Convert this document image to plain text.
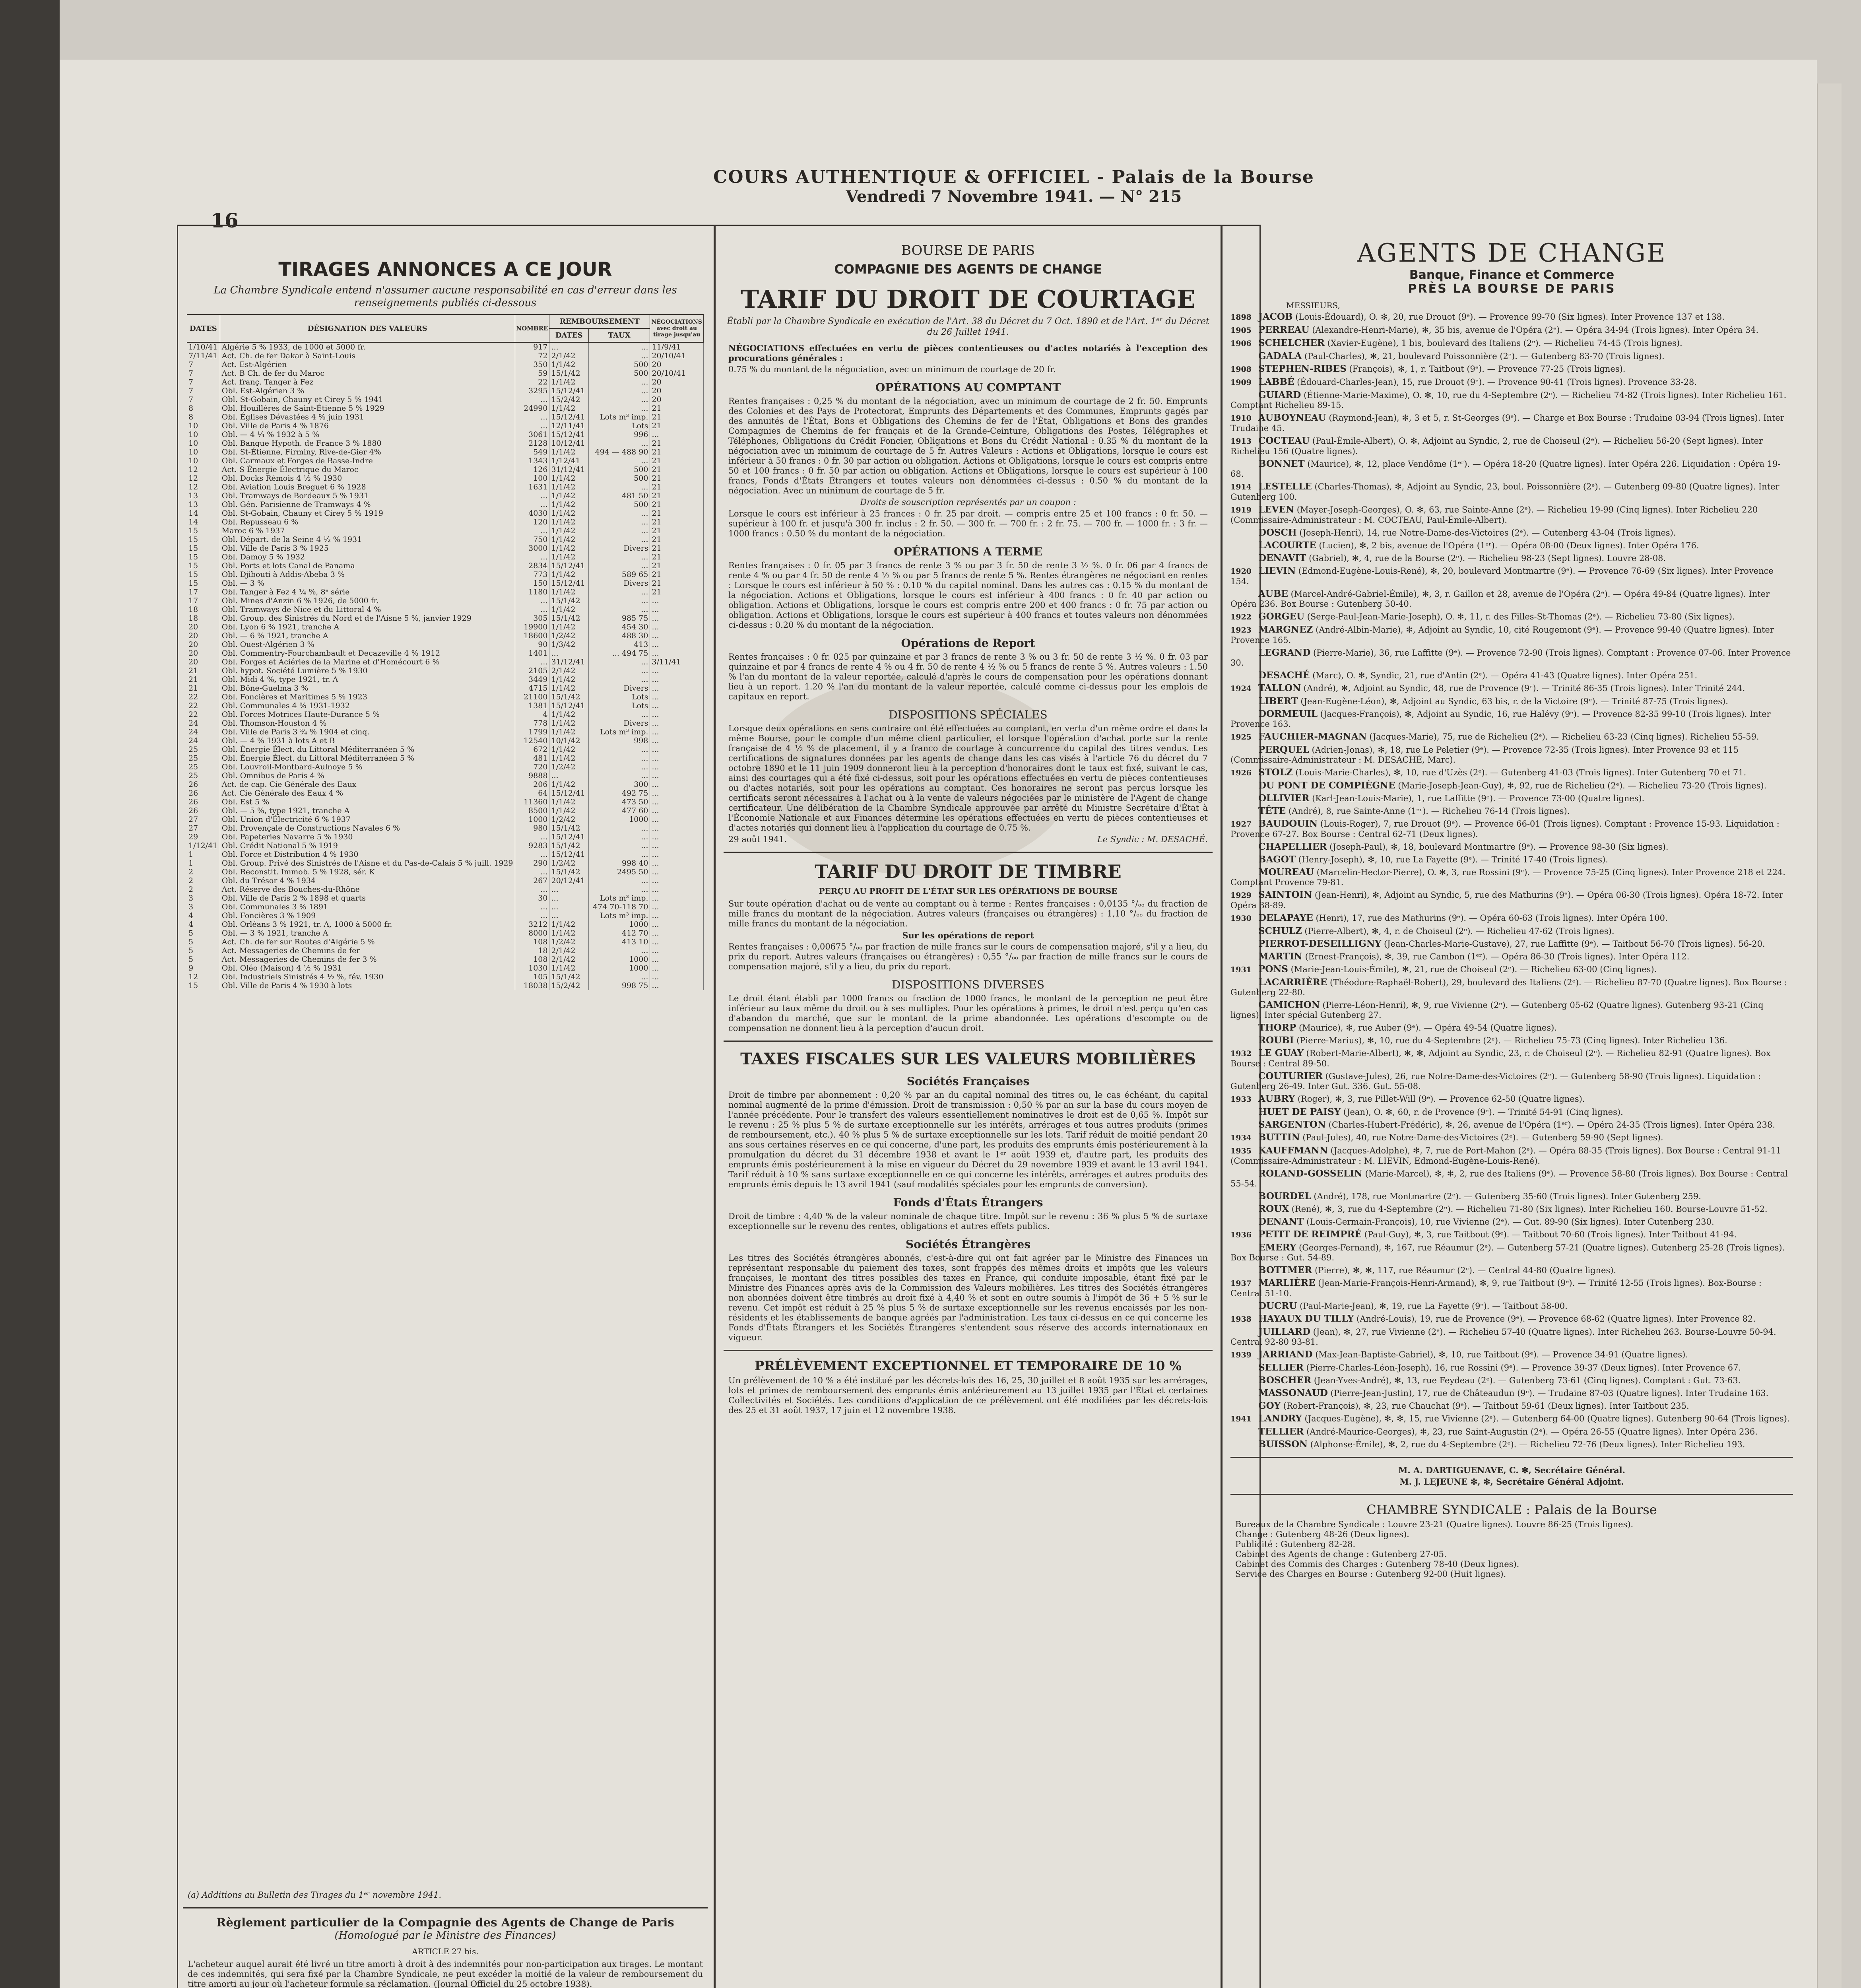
16
COURS AUTHENTIQUE & OFFICIEL - Palais de la Bourse
Vendredi 7 Novembre 1941. — N° 215
TIRAGES ANNONCES A CE JOUR
La Chambre Syndicale entend n'assumer aucune responsabilité en cas d'erreur dans les renseignements publiés ci-dessous
DATES	DÉSIGNATION DES VALEURS	NOMBRE	REMBOURSEMENT		NÉGOCIATIONS avec droit au tirage jusqu'au
			DATES	TAUX	
1/10/41	Algérie 5 % 1933, de 1000 et 5000 fr.	917	...	...	11/9/41
7/11/41	Act. Ch. de fer Dakar à Saint-Louis	72	2/1/42	...	20/10/41
7	Act. Est-Algérien	350	1/1/42	500	20
7	Act. B Ch. de fer du Maroc	59	15/1/42	500	20/10/41
7	Act. franç. Tanger à Fez	22	1/1/42	...	20
7	Obl. Est-Algérien 3 %	3295	15/12/41	...	20
7	Obl. St-Gobain, Chauny et Cirey 5 % 1941	...	15/2/42	...	20
8	Obl. Houillères de Saint-Étienne 5 % 1929	24990	1/1/42	...	21
8	Obl. Églises Dévastées 4 % juin 1931	...	15/12/41	Lots m³ imp.	21
10	Obl. Ville de Paris 4 % 1876	...	12/11/41	Lots	21
10	Obl. — 4 ¼ % 1932 à 5 %	3061	15/12/41	996	...
10	Obl. Banque Hypoth. de France 3 % 1880	2128	10/12/41	...	21
10	Obl. St-Étienne, Firminy, Rive-de-Gier 4%	549	1/1/42	494 — 488 90	21
10	Obl. Carmaux et Forges de Basse-Indre	1343	1/12/41	...	21
12	Act. S Énergie Électrique du Maroc	126	31/12/41	500	21
12	Obl. Docks Rémois 4 ½ % 1930	100	1/1/42	500	21
12	Obl. Aviation Louis Breguet 6 % 1928	1631	1/1/42	...	21
13	Obl. Tramways de Bordeaux 5 % 1931	...	1/1/42	481 50	21
13	Obl. Gén. Parisienne de Tramways 4 %	...	1/1/42	500	21
14	Obl. St-Gobain, Chauny et Cirey 5 % 1919	4030	1/1/42	...	21
14	Obl. Repusseau 6 %	120	1/1/42	...	21
15	Maroc 6 % 1937	...	1/1/42	...	21
15	Obl. Départ. de la Seine 4 ½ % 1931	750	1/1/42	...	21
15	Obl. Ville de Paris 3 % 1925	3000	1/1/42	Divers	21
15	Obl. Damoy 5 % 1932	...	1/1/42	...	21
15	Obl. Ports et lots Canal de Panama	2834	15/12/41	...	21
15	Obl. Djibouti à Addis-Abeba 3 %	773	1/1/42	589 65	21
15	Obl. — 3 %	150	15/12/41	Divers	21
17	Obl. Tanger à Fez 4 ¼ %, 8ᵉ série	1180	1/1/42	...	21
17	Obl. Mines d'Anzin 6 % 1926, de 5000 fr.	...	15/1/42	...	...
18	Obl. Tramways de Nice et du Littoral 4 %	...	1/1/42	...	...
18	Obl. Group. des Sinistrés du Nord et de l'Aisne 5 %, janvier 1929	305	15/1/42	985 75	...
20	Obl. Lyon 6 % 1921, tranche A	19900	1/1/42	454 30	...
20	Obl. — 6 % 1921, tranche A	18600	1/2/42	488 30	...
20	Obl. Ouest-Algérien 3 %	90	1/3/42	413	...
20	Obl. Commentry-Fourchambault et Decazeville 4 % 1912	1401	...	... 494 75	...
20	Obl. Forges et Aciéries de la Marine et d'Homécourt 6 %	...	31/12/41	...	3/11/41
21	Obl. hypot. Société Lumière 5 % 1930	2105	2/1/42	...	...
21	Obl. Midi 4 %, type 1921, tr. A	3449	1/1/42	...	...
21	Obl. Bône-Guelma 3 %	4715	1/1/42	Divers	...
22	Obl. Foncières et Maritimes 5 % 1923	21100	15/1/42	Lots	...
22	Obl. Communales 4 % 1931-1932	1381	15/12/41	Lots	...
22	Obl. Forces Motrices Haute-Durance 5 %	4	1/1/42	...	...
24	Obl. Thomson-Houston 4 %	778	1/1/42	Divers	...
24	Obl. Ville de Paris 3 ¾ % 1904 et cinq.	1799	1/1/42	Lots m³ imp.	...
24	Obl. — 4 % 1931 à lots A et B	12540	10/1/42	998	...
25	Obl. Énergie Élect. du Littoral Méditerranéen 5 %	672	1/1/42	...	...
25	Obl. Énergie Élect. du Littoral Méditerranéen 5 %	481	1/1/42	...	...
25	Obl. Louvroil-Montbard-Aulnoye 5 %	720	1/2/42	...	...
25	Obl. Omnibus de Paris 4 %	9888	...	...	...
26	Act. de cap. Cie Générale des Eaux	206	1/1/42	300	...
26	Act. Cie Générale des Eaux 4 %	64	15/12/41	492 75	...
26	Obl. Est 5 %	11360	1/1/42	473 50	...
26	Obl. — 5 %, type 1921, tranche A	8500	1/1/42	477 60	...
27	Obl. Union d'Électricité 6 % 1937	1000	1/2/42	1000	...
27	Obl. Provençale de Constructions Navales 6 %	980	15/1/42	...	...
29	Obl. Papeteries Navarre 5 % 1930	...	15/12/41	...	...
1/12/41	Obl. Crédit National 5 % 1919	9283	15/1/42	...	...
1	Obl. Force et Distribution 4 % 1930	...	15/12/41	...	...
1	Obl. Group. Privé des Sinistrés de l'Aisne et du Pas-de-Calais 5 % juill. 1929	290	1/2/42	998 40	...
2	Obl. Reconstit. Immob. 5 % 1928, sér. K	...	15/1/42	2495 50	...
2	Obl. du Trésor 4 % 1934	267	20/12/41	...	...
2	Act. Réserve des Bouches-du-Rhône	...	...	...	...
3	Obl. Ville de Paris 2 % 1898 et quarts	30	...	Lots m³ imp.	...
3	Obl. Communales 3 % 1891	...	...	474 70-118 70	...
4	Obl. Foncières 3 % 1909	...	...	Lots m³ imp.	...
4	Obl. Orléans 3 % 1921, tr. A, 1000 à 5000 fr.	3212	1/1/42	1000	...
5	Obl. — 3 % 1921, tranche A	8000	1/1/42	412 70	...
5	Act. Ch. de fer sur Routes d'Algérie 5 %	108	1/2/42	413 10	...
5	Act. Messageries de Chemins de fer	18	2/1/42	...	...
5	Act. Messageries de Chemins de fer 3 %	108	2/1/42	1000	...
9	Obl. Oléo (Maison) 4 ½ % 1931	1030	1/1/42	1000	...
12	Obl. Industriels Sinistrés 4 ½ %, fév. 1930	105	15/1/42	...	...
15	Obl. Ville de Paris 4 % 1930 à lots	18038	15/2/42	998 75	...
(a) Additions au Bulletin des Tirages du 1ᵉʳ novembre 1941.
Règlement particulier de la Compagnie des Agents de Change de Paris
(Homologué par le Ministre des Finances)
ARTICLE 27 bis.
L'acheteur auquel aurait été livré un titre amorti à droit à des indemnités pour non-participation aux tirages. Le montant de ces indemnités, qui sera fixé par la Chambre Syndicale, ne peut excéder la moitié de la valeur de remboursement du titre amorti au jour où l'acheteur formule sa réclamation. (Journal Officiel du 25 octobre 1938).
BOURSE DE PARIS
COMPAGNIE DES AGENTS DE CHANGE
TARIF DU DROIT DE COURTAGE
Établi par la Chambre Syndicale en exécution de l'Art. 38 du Décret du 7 Oct. 1890 et de l'Art. 1ᵉʳ du Décret du 26 Juillet 1941.
NÉGOCIATIONS effectuées en vertu de pièces contentieuses ou d'actes notariés à l'exception des procurations générales :
0.75 % du montant de la négociation, avec un minimum de courtage de 20 fr.
OPÉRATIONS AU COMPTANT
Rentes françaises : 0,25 % du montant de la négociation, avec un minimum de courtage de 2 fr. 50. Emprunts des Colonies et des Pays de Protectorat, Emprunts des Départements et des Communes, Emprunts gagés par des annuités de l'État, Bons et Obligations des Chemins de fer de l'État, Obligations et Bons des grandes Compagnies de Chemins de fer français et de la Grande-Ceinture, Obligations des Postes, Télégraphes et Téléphones, Obligations du Crédit Foncier, Obligations et Bons du Crédit National : 0.35 % du montant de la négociation avec un minimum de courtage de 5 fr. Autres Valeurs : Actions et Obligations, lorsque le cours est inférieur à 50 francs : 0 fr. 30 par action ou obligation. Actions et Obligations, lorsque le cours est compris entre 50 et 100 francs : 0 fr. 50 par action ou obligation. Actions et Obligations, lorsque le cours est supérieur à 100 francs, Fonds d'États Étrangers et toutes valeurs non dénommées ci-dessus : 0.50 % du montant de la négociation. Avec un minimum de courtage de 5 fr.
Droits de souscription représentés par un coupon :
Lorsque le cours est inférieur à 25 frances : 0 fr. 25 par droit. — compris entre 25 et 100 francs : 0 fr. 50. — supérieur à 100 fr. et jusqu'à 300 fr. inclus : 2 fr. 50. — 300 fr. — 700 fr. : 2 fr. 75. — 700 fr. — 1000 fr. : 3 fr. — 1000 francs : 0.50 % du montant de la négociation.
OPÉRATIONS A TERME
Rentes françaises : 0 fr. 05 par 3 francs de rente 3 % ou par 3 fr. 50 de rente 3 ½ %. 0 fr. 06 par 4 francs de rente 4 % ou par 4 fr. 50 de rente 4 ½ % ou par 5 francs de rente 5 %. Rentes étrangères ne négociant en rentes : Lorsque le cours est inférieur à 50 % : 0.10 % du capital nominal. Dans les autres cas : 0.15 % du montant de la négociation. Actions et Obligations, lorsque le cours est inférieur à 400 francs : 0 fr. 40 par action ou obligation. Actions et Obligations, lorsque le cours est compris entre 200 et 400 francs : 0 fr. 75 par action ou obligation. Actions et Obligations, lorsque le cours est supérieur à 400 francs et toutes valeurs non dénommées ci-dessus : 0.20 % du montant de la négociation.
Opérations de Report
Rentes françaises : 0 fr. 025 par quinzaine et par 3 francs de rente 3 % ou 3 fr. 50 de rente 3 ½ %. 0 fr. 03 par quinzaine et par 4 francs de rente 4 % ou 4 fr. 50 de rente 4 ½ % ou 5 francs de rente 5 %. Autres valeurs : 1.50 % l'an du montant de la valeur reportée, calculé d'après le cours de compensation pour les opérations donnant lieu à un report. 1.20 % l'an du montant de la valeur reportée, calculé comme ci-dessus pour les emplois de capitaux en report.
DISPOSITIONS SPÉCIALES
Lorsque deux opérations en sens contraire ont été effectuées au comptant, en vertu d'un même ordre et dans la même Bourse, pour le compte d'un même client particulier, et lorsque l'opération d'achat porte sur la rente française de 4 ½ % de placement, il y a franco de courtage à concurrence du capital des titres vendus. Les certifications de signatures données par les agents de change dans les cas visés à l'article 76 du décret du 7 octobre 1890 et le 11 juin 1909 donneront lieu à la perception d'honoraires dont le taux est fixé, suivant le cas, ainsi des courtages qui a été fixé ci-dessus, soit pour les opérations effectuées en vertu de pièces contentieuses ou d'actes notariés, soit pour les opérations au comptant. Ces honoraires ne seront pas perçus lorsque les certificats seront nécessaires à l'achat ou à la vente de valeurs négociées par le ministère de l'Agent de change certificateur. Une délibération de la Chambre Syndicale approuvée par arrêté du Ministre Secrétaire d'État à l'Économie Nationale et aux Finances détermine les opérations effectuées en vertu de pièces contentieuses et d'actes notariés qui donnent lieu à l'application du courtage de 0.75 %.
29 août 1941.	Le Syndic : M. DESACHÉ.
TARIF DU DROIT DE TIMBRE
PERÇU AU PROFIT DE L'ÉTAT SUR LES OPÉRATIONS DE BOURSE
Sur toute opération d'achat ou de vente au comptant ou à terme : Rentes françaises : 0,0135 °/ₒₒ du fraction de mille francs du montant de la négociation. Autres valeurs (françaises ou étrangères) : 1,10 °/ₒₒ du fraction de mille francs du montant de la négociation.
Sur les opérations de report
Rentes françaises : 0,00675 °/ₒₒ par fraction de mille francs sur le cours de compensation majoré, s'il y a lieu, du prix du report. Autres valeurs (françaises ou étrangères) : 0,55 °/ₒₒ par fraction de mille francs sur le cours de compensation majoré, s'il y a lieu, du prix du report.
DISPOSITIONS DIVERSES
Le droit étant établi par 1000 francs ou fraction de 1000 francs, le montant de la perception ne peut être inférieur au taux même du droit ou à ses multiples. Pour les opérations à primes, le droit n'est perçu qu'en cas d'abandon du marché, que sur le montant de la prime abandonnée. Les opérations d'escompte ou de compensation ne donnent lieu à la perception d'aucun droit.
TAXES FISCALES SUR LES VALEURS MOBILIÈRES
Sociétés Françaises
Droit de timbre par abonnement : 0,20 % par an du capital nominal des titres ou, le cas échéant, du capital nominal augmenté de la prime d'émission. Droit de transmission : 0,50 % par an sur la base du cours moyen de l'année précédente. Pour le transfert des valeurs essentiellement nominatives le droit est de 0,65 %. Impôt sur le revenu : 25 % plus 5 % de surtaxe exceptionnelle sur les intérêts, arrérages et tous autres produits (primes de remboursement, etc.). 40 % plus 5 % de surtaxe exceptionnelle sur les lots. Tarif réduit de moitié pendant 20 ans sous certaines réserves en ce qui concerne, d'une part, les produits des emprunts émis postérieurement à la promulgation du décret du 31 décembre 1938 et avant le 1ᵉʳ août 1939 et, d'autre part, les produits des emprunts émis postérieurement à la mise en vigueur du Décret du 29 novembre 1939 et avant le 13 avril 1941. Tarif réduit à 10 % sans surtaxe exceptionnelle en ce qui concerne les intérêts, arrérages et autres produits des emprunts émis depuis le 13 avril 1941 (sauf modalités spéciales pour les emprunts de conversion).
Fonds d'États Étrangers
Droit de timbre : 4,40 % de la valeur nominale de chaque titre. Impôt sur le revenu : 36 % plus 5 % de surtaxe exceptionnelle sur le revenu des rentes, obligations et autres effets publics.
Sociétés Étrangères
Les titres des Sociétés étrangères abonnés, c'est-à-dire qui ont fait agréer par le Ministre des Finances un représentant responsable du paiement des taxes, sont frappés des mêmes droits et impôts que les valeurs françaises, le montant des titres possibles des taxes en France, qui conduite imposable, étant fixé par le Ministre des Finances après avis de la Commission des Valeurs mobilières. Les titres des Sociétés étrangères non abonnées doivent être timbrés au droit fixé à 4,40 % et sont en outre soumis à l'impôt de 36 + 5 % sur le revenu. Cet impôt est réduit à 25 % plus 5 % de surtaxe exceptionnelle sur les revenus encaissés par les non-résidents et les établissements de banque agréés par l'administration. Les taux ci-dessus en ce qui concerne les Fonds d'États Étrangers et les Sociétés Étrangères s'entendent sous réserve des accords internationaux en vigueur.
PRÉLÈVEMENT EXCEPTIONNEL ET TEMPORAIRE DE 10 %
Un prélèvement de 10 % a été institué par les décrets-lois des 16, 25, 30 juillet et 8 août 1935 sur les arrérages, lots et primes de remboursement des emprunts émis antérieurement au 13 juillet 1935 par l'État et certaines Collectivités et Sociétés. Les conditions d'application de ce prélèvement ont été modifiées par les décrets-lois des 25 et 31 août 1937, 17 juin et 12 novembre 1938.
AGENTS DE CHANGE
Banque, Finance et Commerce
PRÈS LA BOURSE DE PARIS
MESSIEURS,
1898 JACOB (Louis-Édouard), O. ✻, 20, rue Drouot (9ᵉ). — Provence 99-70 (Six lignes). Inter Provence 137 et 138.
1905 PERREAU (Alexandre-Henri-Marie), ✻, 35 bis, avenue de l'Opéra (2ᵉ). — Opéra 34-94 (Trois lignes). Inter Opéra 34.
1906 SCHELCHER (Xavier-Eugène), 1 bis, boulevard des Italiens (2ᵉ). — Richelieu 74-45 (Trois lignes).
GADALA (Paul-Charles), ✻, 21, boulevard Poissonnière (2ᵉ). — Gutenberg 83-70 (Trois lignes).
1908 STEPHEN-RIBES (François), ✻, 1, r. Taitbout (9ᵉ). — Provence 77-25 (Trois lignes).
1909 LABBÉ (Édouard-Charles-Jean), 15, rue Drouot (9ᵉ). — Provence 90-41 (Trois lignes). Provence 33-28.
GUIARD (Étienne-Marie-Maxime), O. ✻, 10, rue du 4-Septembre (2ᵉ). — Richelieu 74-82 (Trois lignes). Inter Richelieu 161. Comptant Richelieu 89-15.
1910 AUBOYNEAU (Raymond-Jean), ✻, 3 et 5, r. St-Georges (9ᵉ). — Charge et Box Bourse : Trudaine 03-94 (Trois lignes). Inter Trudaine 45.
1913 COCTEAU (Paul-Émile-Albert), O. ✻, Adjoint au Syndic, 2, rue de Choiseul (2ᵉ). — Richelieu 56-20 (Sept lignes). Inter Richelieu 156 (Quatre lignes).
BONNET (Maurice), ✻, 12, place Vendôme (1ᵉʳ). — Opéra 18-20 (Quatre lignes). Inter Opéra 226. Liquidation : Opéra 19-68.
1914 LESTELLE (Charles-Thomas), ✻, Adjoint au Syndic, 23, boul. Poissonnière (2ᵉ). — Gutenberg 09-80 (Quatre lignes). Inter Gutenberg 100.
1919 LEVEN (Mayer-Joseph-Georges), O. ✻, 63, rue Sainte-Anne (2ᵉ). — Richelieu 19-99 (Cinq lignes). Inter Richelieu 220 (Commissaire-Administrateur : M. COCTEAU, Paul-Émile-Albert).
DOSCH (Joseph-Henri), 14, rue Notre-Dame-des-Victoires (2ᵉ). — Gutenberg 43-04 (Trois lignes).
LACOURTE (Lucien), ✻, 2 bis, avenue de l'Opéra (1ᵉʳ). — Opéra 08-00 (Deux lignes). Inter Opéra 176.
DENAVIT (Gabriel), ✻, 4, rue de la Bourse (2ᵉ). — Richelieu 98-23 (Sept lignes). Louvre 28-08.
1920 LIEVIN (Edmond-Eugène-Louis-René), ✻, 20, boulevard Montmartre (9ᵉ). — Provence 76-69 (Six lignes). Inter Provence 154.
AUBE (Marcel-André-Gabriel-Émile), ✻, 3, r. Gaillon et 28, avenue de l'Opéra (2ᵉ). — Opéra 49-84 (Quatre lignes). Inter Opéra 236. Box Bourse : Gutenberg 50-40.
1922 GORGEU (Serge-Paul-Jean-Marie-Joseph), O. ✻, 11, r. des Filles-St-Thomas (2ᵉ). — Richelieu 73-80 (Six lignes).
1923 MARGNEZ (André-Albin-Marie), ✻, Adjoint au Syndic, 10, cité Rougemont (9ᵉ). — Provence 99-40 (Quatre lignes). Inter Provence 165.
LEGRAND (Pierre-Marie), 36, rue Laffitte (9ᵉ). — Provence 72-90 (Trois lignes). Comptant : Provence 07-06. Inter Provence 30.
DESACHÉ (Marc), O. ✻, Syndic, 21, rue d'Antin (2ᵉ). — Opéra 41-43 (Quatre lignes). Inter Opéra 251.
1924 TALLON (André), ✻, Adjoint au Syndic, 48, rue de Provence (9ᵉ). — Trinité 86-35 (Trois lignes). Inter Trinité 244.
LIBERT (Jean-Eugène-Léon), ✻, Adjoint au Syndic, 63 bis, r. de la Victoire (9ᵉ). — Trinité 87-75 (Trois lignes).
DORMEUIL (Jacques-François), ✻, Adjoint au Syndic, 16, rue Halévy (9ᵉ). — Provence 82-35 99-10 (Trois lignes). Inter Provence 163.
1925 FAUCHIER-MAGNAN (Jacques-Marie), 75, rue de Richelieu (2ᵉ). — Richelieu 63-23 (Cinq lignes). Richelieu 55-59.
PERQUEL (Adrien-Jonas), ✻, 18, rue Le Peletier (9ᵉ). — Provence 72-35 (Trois lignes). Inter Provence 93 et 115 (Commissaire-Administrateur : M. DESACHÉ, Marc).
1926 STOLZ (Louis-Marie-Charles), ✻, 10, rue d'Uzès (2ᵉ). — Gutenberg 41-03 (Trois lignes). Inter Gutenberg 70 et 71.
DU PONT DE COMPIÈGNE (Marie-Joseph-Jean-Guy), ✻, 92, rue de Richelieu (2ᵉ). — Richelieu 73-20 (Trois lignes).
OLLIVIER (Karl-Jean-Louis-Marie), 1, rue Laffitte (9ᵉ). — Provence 73-00 (Quatre lignes).
TÊTE (André), 8, rue Sainte-Anne (1ᵉʳ). — Richelieu 76-14 (Trois lignes).
1927 BAUDOUIN (Louis-Roger), 7, rue Drouot (9ᵉ). — Provence 66-01 (Trois lignes). Comptant : Provence 15-93. Liquidation : Provence 67-27. Box Bourse : Central 62-71 (Deux lignes).
CHAPELLIER (Joseph-Paul), ✻, 18, boulevard Montmartre (9ᵉ). — Provence 98-30 (Six lignes).
BAGOT (Henry-Joseph), ✻, 10, rue La Fayette (9ᵉ). — Trinité 17-40 (Trois lignes).
MOUREAU (Marcelin-Hector-Pierre), O. ✻, 3, rue Rossini (9ᵉ). — Provence 75-25 (Cinq lignes). Inter Provence 218 et 224. Comptant Provence 79-81.
1929 SAINTOIN (Jean-Henri), ✻, Adjoint au Syndic, 5, rue des Mathurins (9ᵉ). — Opéra 06-30 (Trois lignes). Opéra 18-72. Inter Opéra 38-89.
1930 DELAPAYE (Henri), 17, rue des Mathurins (9ᵉ). — Opéra 60-63 (Trois lignes). Inter Opéra 100.
SCHULZ (Pierre-Albert), ✻, 4, r. de Choiseul (2ᵉ). — Richelieu 47-62 (Trois lignes).
PIERROT-DESEILLIGNY (Jean-Charles-Marie-Gustave), 27, rue Laffitte (9ᵉ). — Taitbout 56-70 (Trois lignes). 56-20.
MARTIN (Ernest-François), ✻, 39, rue Cambon (1ᵉʳ). — Opéra 86-30 (Trois lignes). Inter Opéra 112.
1931 PONS (Marie-Jean-Louis-Émile), ✻, 21, rue de Choiseul (2ᵉ). — Richelieu 63-00 (Cinq lignes).
LACARRIÈRE (Théodore-Raphaël-Robert), 29, boulevard des Italiens (2ᵉ). — Richelieu 87-70 (Quatre lignes). Box Bourse : Gutenberg 22-80.
GAMICHON (Pierre-Léon-Henri), ✻, 9, rue Vivienne (2ᵉ). — Gutenberg 05-62 (Quatre lignes). Gutenberg 93-21 (Cinq lignes). Inter spécial Gutenberg 27.
THORP (Maurice), ✻, rue Auber (9ᵉ). — Opéra 49-54 (Quatre lignes).
ROUBI (Pierre-Marius), ✻, 10, rue du 4-Septembre (2ᵉ). — Richelieu 75-73 (Cinq lignes). Inter Richelieu 136.
1932 LE GUAY (Robert-Marie-Albert), ✻, ✻, Adjoint au Syndic, 23, r. de Choiseul (2ᵉ). — Richelieu 82-91 (Quatre lignes). Box Bourse : Central 89-50.
COUTURIER (Gustave-Jules), 26, rue Notre-Dame-des-Victoires (2ᵉ). — Gutenberg 58-90 (Trois lignes). Liquidation : Gutenberg 26-49. Inter Gut. 336. Gut. 55-08.
1933 AUBRY (Roger), ✻, 3, rue Pillet-Will (9ᵉ). — Provence 62-50 (Quatre lignes).
HUET DE PAISY (Jean), O. ✻, 60, r. de Provence (9ᵉ). — Trinité 54-91 (Cinq lignes).
SARGENTON (Charles-Hubert-Frédéric), ✻, 26, avenue de l'Opéra (1ᵉʳ). — Opéra 24-35 (Trois lignes). Inter Opéra 238.
1934 BUTTIN (Paul-Jules), 40, rue Notre-Dame-des-Victoires (2ᵉ). — Gutenberg 59-90 (Sept lignes).
1935 KAUFFMANN (Jacques-Adolphe), ✻, 7, rue de Port-Mahon (2ᵉ). — Opéra 88-35 (Trois lignes). Box Bourse : Central 91-11 (Commissaire-Administrateur : M. LIEVIN, Edmond-Eugène-Louis-René).
ROLAND-GOSSELIN (Marie-Marcel), ✻, ✻, 2, rue des Italiens (9ᵉ). — Provence 58-80 (Trois lignes). Box Bourse : Central 55-54.
BOURDEL (André), 178, rue Montmartre (2ᵉ). — Gutenberg 35-60 (Trois lignes). Inter Gutenberg 259.
ROUX (René), ✻, 3, rue du 4-Septembre (2ᵉ). — Richelieu 71-80 (Six lignes). Inter Richelieu 160. Bourse-Louvre 51-52.
DENANT (Louis-Germain-François), 10, rue Vivienne (2ᵉ). — Gut. 89-90 (Six lignes). Inter Gutenberg 230.
1936 PETIT DE REIMPRÉ (Paul-Guy), ✻, 3, rue Taitbout (9ᵉ). — Taitbout 70-60 (Trois lignes). Inter Taitbout 41-94.
EMERY (Georges-Fernand), ✻, 167, rue Réaumur (2ᵉ). — Gutenberg 57-21 (Quatre lignes). Gutenberg 25-28 (Trois lignes). Box Bourse : Gut. 54-89.
BOTTMER (Pierre), ✻, ✻, 117, rue Réaumur (2ᵉ). — Central 44-80 (Quatre lignes).
1937 MARLIÈRE (Jean-Marie-François-Henri-Armand), ✻, 9, rue Taitbout (9ᵉ). — Trinité 12-55 (Trois lignes). Box-Bourse : Central 51-10.
DUCRU (Paul-Marie-Jean), ✻, 19, rue La Fayette (9ᵉ). — Taitbout 58-00.
1938 HAYAUX DU TILLY (André-Louis), 19, rue de Provence (9ᵉ). — Provence 68-62 (Quatre lignes). Inter Provence 82.
JUILLARD (Jean), ✻, 27, rue Vivienne (2ᵉ). — Richelieu 57-40 (Quatre lignes). Inter Richelieu 263. Bourse-Louvre 50-94. Central 92-80 93-81.
1939 JARRIAND (Max-Jean-Baptiste-Gabriel), ✻, 10, rue Taitbout (9ᵉ). — Provence 34-91 (Quatre lignes).
SELLIER (Pierre-Charles-Léon-Joseph), 16, rue Rossini (9ᵉ). — Provence 39-37 (Deux lignes). Inter Provence 67.
BOSCHER (Jean-Yves-André), ✻, 13, rue Feydeau (2ᵉ). — Gutenberg 73-61 (Cinq lignes). Comptant : Gut. 73-63.
MASSONAUD (Pierre-Jean-Justin), 17, rue de Châteaudun (9ᵉ). — Trudaine 87-03 (Quatre lignes). Inter Trudaine 163.
GOY (Robert-François), ✻, 23, rue Chauchat (9ᵉ). — Taitbout 59-61 (Deux lignes). Inter Taitbout 235.
1941 LANDRY (Jacques-Eugène), ✻, ✻, 15, rue Vivienne (2ᵉ). — Gutenberg 64-00 (Quatre lignes). Gutenberg 90-64 (Trois lignes).
TELLIER (André-Maurice-Georges), ✻, 23, rue Saint-Augustin (2ᵉ). — Opéra 26-55 (Quatre lignes). Inter Opéra 236.
BUISSON (Alphonse-Émile), ✻, 2, rue du 4-Septembre (2ᵉ). — Richelieu 72-76 (Deux lignes). Inter Richelieu 193.
M. A. DARTIGUENAVE, C. ✻, Secrétaire Général.
M. J. LEJEUNE ✻, ✻, Secrétaire Général Adjoint.
CHAMBRE SYNDICALE : Palais de la Bourse
Bureaux de la Chambre Syndicale : Louvre 23-21 (Quatre lignes). Louvre 86-25 (Trois lignes).
Change : Gutenberg 48-26 (Deux lignes).
Publicité : Gutenberg 82-28.
Cabinet des Agents de change : Gutenberg 27-05.
Cabinet des Commis des Charges : Gutenberg 78-40 (Deux lignes).
Service des Charges en Bourse : Gutenberg 92-00 (Huit lignes).
